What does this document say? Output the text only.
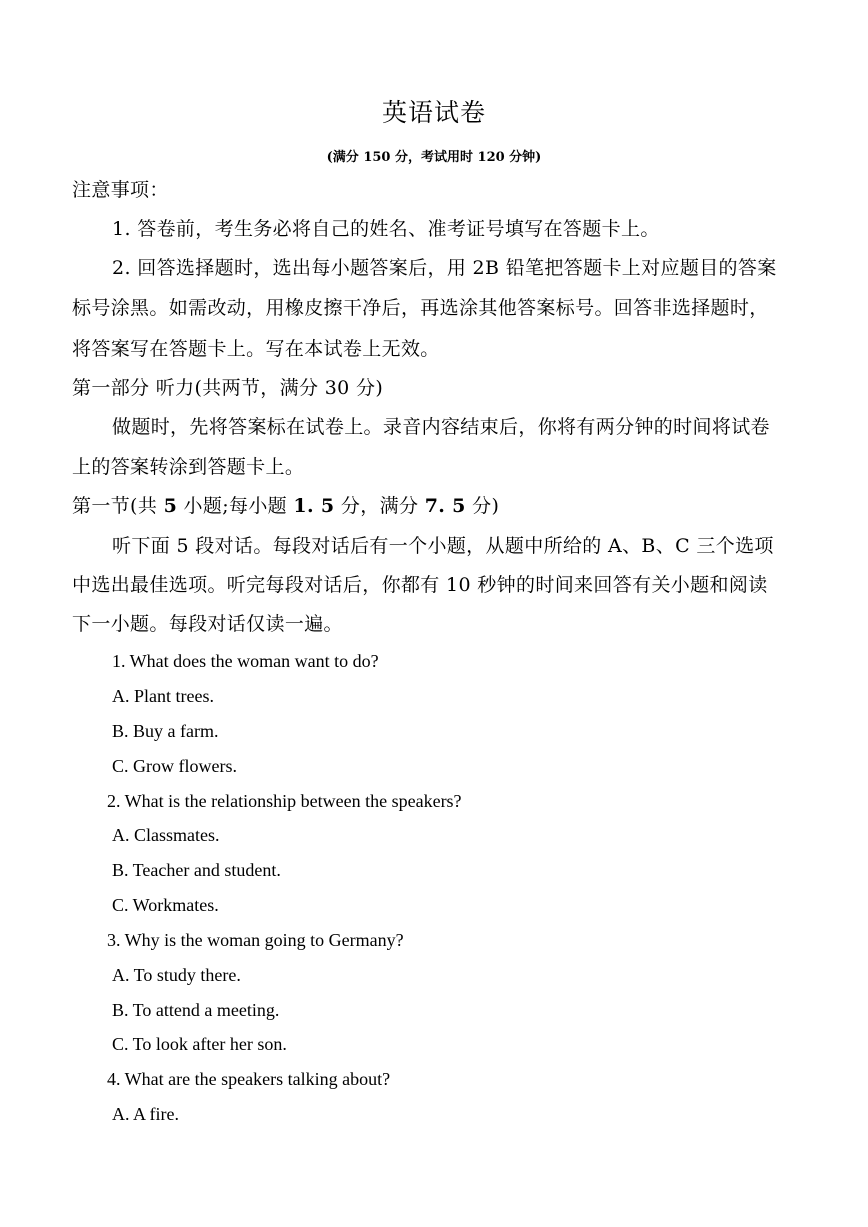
英语试卷
(满分 150 分，考试用时 120 分钟)
注意事项：
1. 答卷前，考生务必将自己的姓名、准考证号填写在答题卡上。
2. 回答选择题时，选出每小题答案后，用 2B 铅笔把答题卡上对应题目的答案
标号涂黑。如需改动，用橡皮擦干净后，再选涂其他答案标号。回答非选择题时，
将答案写在答题卡上。写在本试卷上无效。
第一部分 听力(共两节，满分 30 分)
做题时，先将答案标在试卷上。录音内容结束后，你将有两分钟的时间将试卷
上的答案转涂到答题卡上。
第一节(共 5 小题;每小题 1. 5 分，满分 7. 5 分)
听下面 5 段对话。每段对话后有一个小题，从题中所给的 A、B、C 三个选项
中选出最佳选项。听完每段对话后，你都有 10 秒钟的时间来回答有关小题和阅读
下一小题。每段对话仅读一遍。
1. What does the woman want to do?
A. Plant trees.
B. Buy a farm.
C. Grow flowers.
2. What is the relationship between the speakers?
A. Classmates.
B. Teacher and student.
C. Workmates.
3. Why is the woman going to Germany?
A. To study there.
B. To attend a meeting.
C. To look after her son.
4. What are the speakers talking about?
A. A fire.
